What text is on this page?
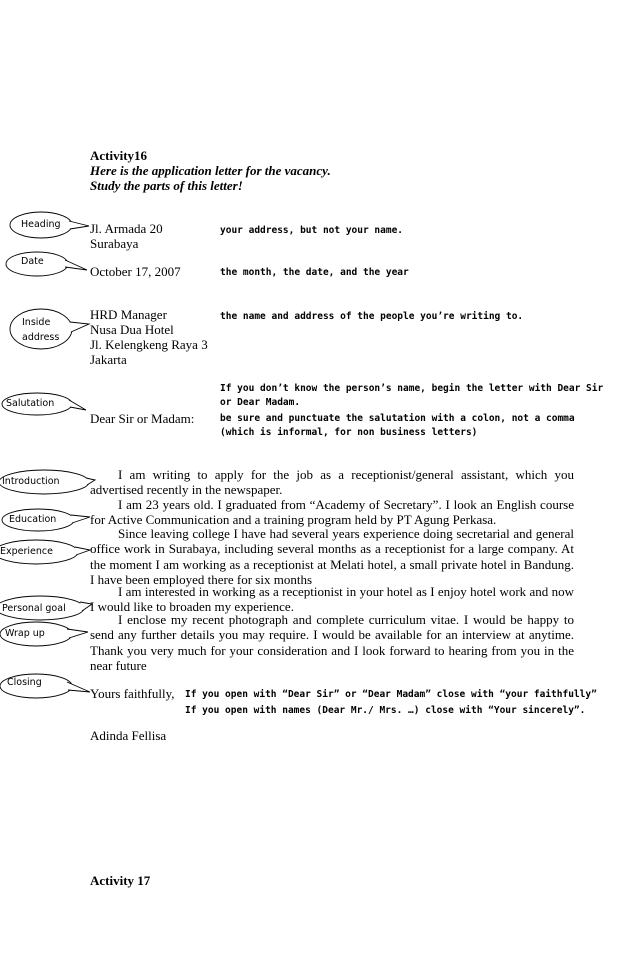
Activity16
Here is the application letter for the vacancy.
Study the parts of this letter!
Heading
Date
Inside
address
Salutation
Introduction
Education
Experience
Personal goal
Wrap up
Closing
Jl. Armada 20
Surabaya
your address, but not your name.
October 17, 2007	the month, the date, and the year
HRD Manager
Nusa Dua Hotel
Jl. Kelengkeng Raya 3
Jakarta
the name and address of the people you’re writing to.
If you don’t know the person’s name, begin the letter with Dear Sir
or Dear Madam.
Dear Sir or Madam:	be sure and punctuate the salutation with a colon, not a comma
(which is informal, for non business letters)
I am writing to apply for the job as a receptionist/general assistant, which you advertised recently in the newspaper.
I am 23 years old. I graduated from “Academy of Secretary”. I look an English course for Active Communication and a training program held by PT Agung Perkasa.
Since leaving college I have had several years experience doing secretarial and general office work in Surabaya, including several months as a receptionist for a large company. At the moment I am working as a receptionist at Melati hotel, a small private hotel in Bandung. I have been employed there for six months
I am interested in working as a receptionist in your hotel as I enjoy hotel work and now I would like to broaden my experience.
I enclose my recent photograph and complete curriculum vitae. I would be happy to send any further details you may require. I would be available for an interview at anytime. Thank you very much for your consideration and I look forward to hearing from you in the near future
Yours faithfully, If you open with “Dear Sir” or “Dear Madam” close with “your faithfully”
If you open with names (Dear Mr./ Mrs. …) close with “Your sincerely”.
Adinda Fellisa
Activity 17
